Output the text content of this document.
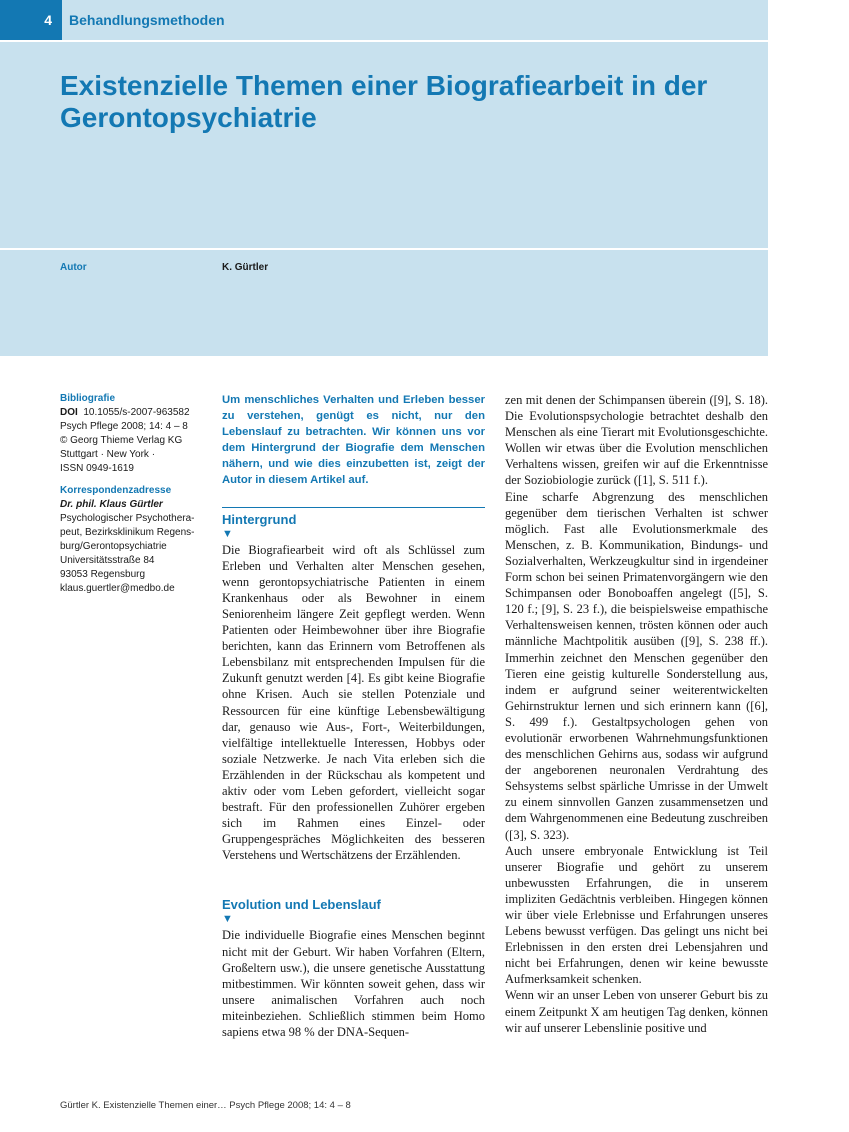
4	Behandlungsmethoden
Existenzielle Themen einer Biografiearbeit in der Gerontopsychiatrie
Autor	K. Gürtler
Bibliografie
DOI 10.1055/s-2007-963582
Psych Pflege 2008; 14: 4 – 8
© Georg Thieme Verlag KG
Stuttgart · New York ·
ISSN 0949-1619
Korrespondenzadresse
Dr. phil. Klaus Gürtler
Psychologischer Psychothera-
peut, Bezirksklinikum Regens-
burg/Gerontopsychiatrie
Universitätsstraße 84
93053 Regensburg
klaus.guertler@medbo.de

Um menschliches Verhalten und Erleben besser zu verstehen, genügt es nicht, nur den Lebenslauf zu betrachten. Wir können uns vor dem Hintergrund der Biografie dem Menschen nähern, und wie dies einzubetten ist, zeigt der Autor in diesem Artikel auf.

Hintergrund
▼

Die Biografiearbeit wird oft als Schlüssel zum Erleben und Verhalten alter Menschen gesehen, wenn gerontopsychiatrische Patienten in einem Krankenhaus oder als Bewohner in einem Seniorenheim längere Zeit gepflegt werden. Wenn Patienten oder Heimbewohner über ihre Biografie berichten, kann das Erinnern vom Betroffenen als Lebensbilanz mit entsprechenden Impulsen für die Zukunft genutzt werden [4]. Es gibt keine Biografie ohne Krisen. Auch sie stellen Potenziale und Ressourcen für eine künftige Lebensbewältigung dar, genauso wie Aus-, Fort-, Weiterbildungen, vielfältige intellektuelle Interessen, Hobbys oder soziale Netzwerke. Je nach Vita erleben sich die Erzählenden in der Rückschau als kompetent und aktiv oder vom Leben gefordert, vielleicht sogar bestraft. Für den professionellen Zuhörer ergeben sich im Rahmen eines Einzel- oder Gruppengespräches Möglichkeiten des besseren Verstehens und Wertschätzens der Erzählenden.

Evolution und Lebenslauf
▼

Die individuelle Biografie eines Menschen beginnt nicht mit der Geburt. Wir haben Vorfahren (Eltern, Großeltern usw.), die unsere genetische Ausstattung mitbestimmen. Wir könnten soweit gehen, dass wir unsere animalischen Vorfahren auch noch miteinbeziehen. Schließlich stimmen beim Homo sapiens etwa 98 % der DNA-Sequen-

zen mit denen der Schimpansen überein ([9], S. 18). Die Evolutionspsychologie betrachtet deshalb den Menschen als eine Tierart mit Evolutionsgeschichte. Wollen wir etwas über die Evolution menschlichen Verhaltens wissen, greifen wir auf die Erkenntnisse der Soziobiologie zurück ([1], S. 511 f.).

Eine scharfe Abgrenzung des menschlichen gegenüber dem tierischen Verhalten ist schwer möglich. Fast alle Evolutionsmerkmale des Menschen, z. B. Kommunikation, Bindungs- und Sozialverhalten, Werkzeugkultur sind in irgendeiner Form schon bei seinen Primatenvorgängern wie den Schimpansen oder Bonoboaffen angelegt ([5], S. 120 f.; [9], S. 23 f.), die beispielsweise empathische Verhaltensweisen kennen, trösten können oder auch männliche Machtpolitik ausüben ([9], S. 238 ff.). Immerhin zeichnet den Menschen gegenüber den Tieren eine geistig kulturelle Sonderstellung aus, indem er aufgrund seiner weiterentwickelten Gehirnstruktur lernen und sich erinnern kann ([6], S. 499 f.). Gestaltpsychologen gehen von evolutionär erworbenen Wahrnehmungsfunktionen des menschlichen Gehirns aus, sodass wir aufgrund der angeborenen neuronalen Verdrahtung des Sehsystems selbst spärliche Umrisse in der Umwelt zu einem sinnvollen Ganzen zusammensetzen und dem Wahrgenommenen eine Bedeutung zuschreiben ([3], S. 323).

Auch unsere embryonale Entwicklung ist Teil unserer Biografie und gehört zu unserem unbewussten Erfahrungen, die in unserem impliziten Gedächtnis verbleiben. Hingegen können wir über viele Erlebnisse und Erfahrungen unseres Lebens bewusst verfügen. Das gelingt uns nicht bei Erlebnissen in den ersten drei Lebensjahren und nicht bei Erfahrungen, denen wir keine bewusste Aufmerksamkeit schenken.

Wenn wir an unser Leben von unserer Geburt bis zu einem Zeitpunkt X am heutigen Tag denken, können wir auf unserer Lebenslinie positive und

Gürtler K. Existenzielle Themen einer… Psych Pflege 2008; 14: 4 – 8
